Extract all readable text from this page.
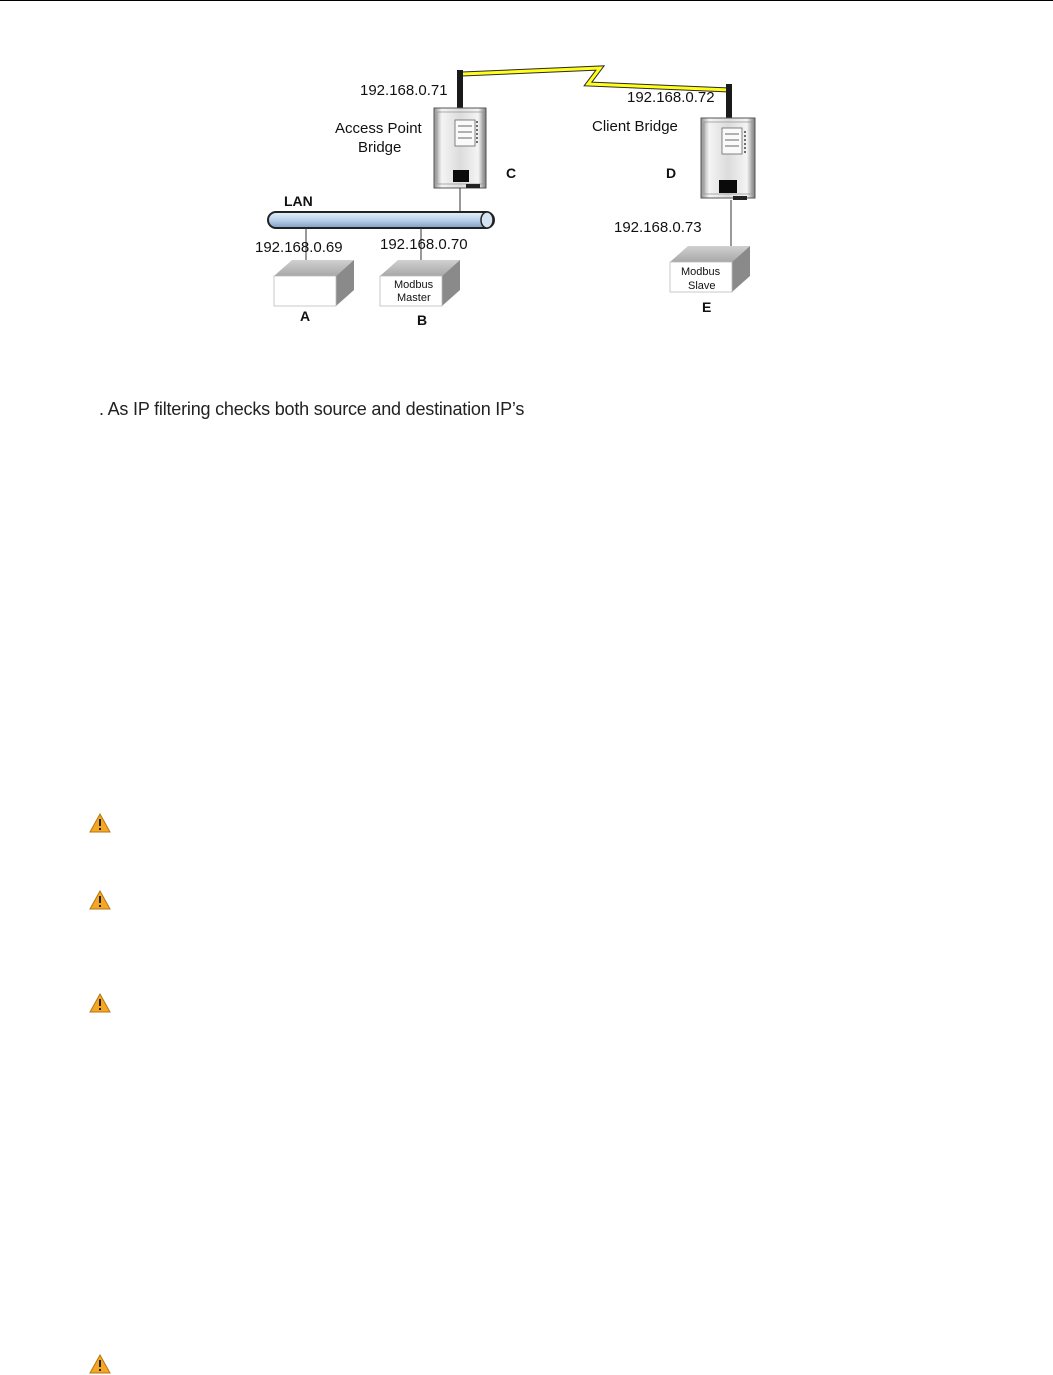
192.168.0.71
Access Point
Bridge
C
192.168.0.72
Client Bridge
D
LAN
192.168.0.69
A
192.168.0.70
Modbus
Master
B
192.168.0.73
Modbus
Slave
E
. As IP filtering checks both source and destination IP’s
